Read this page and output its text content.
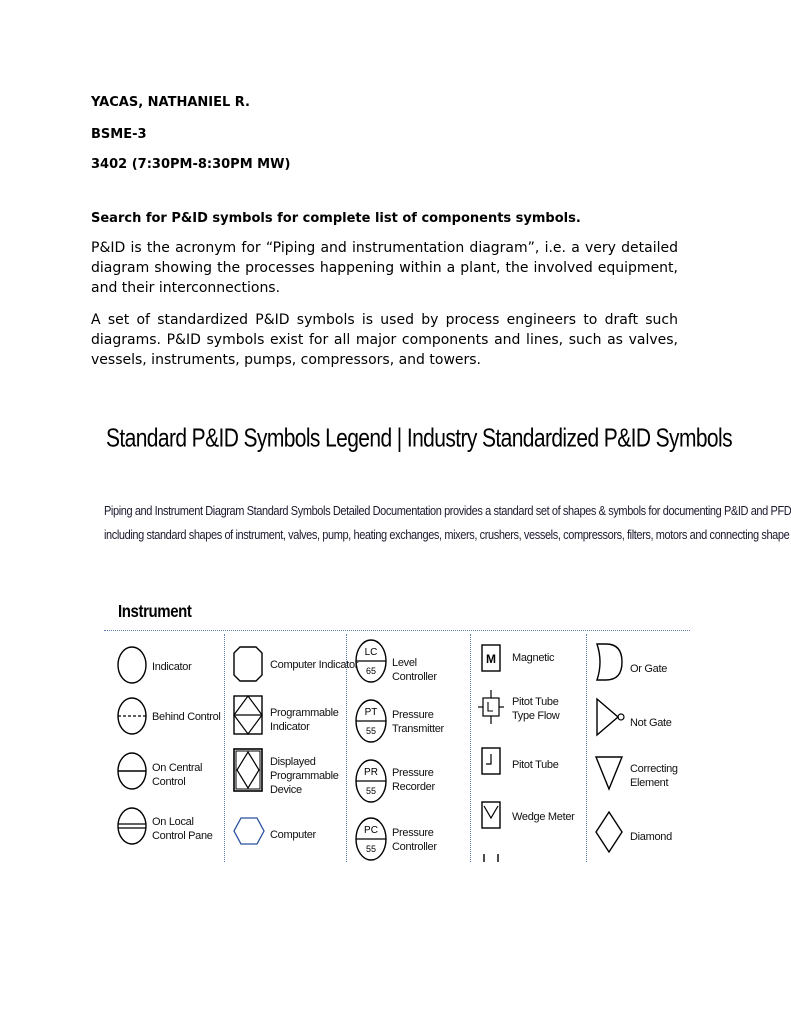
YACAS, NATHANIEL R.
BSME-3
3402 (7:30PM-8:30PM MW)
Search for P&ID symbols for complete list of components symbols.
P&ID is the acronym for “Piping and instrumentation diagram”, i.e. a very detailed diagram showing the processes happening within a plant, the involved equipment, and their interconnections.
A set of standardized P&ID symbols is used by process engineers to draft such diagrams. P&ID symbols exist for all major components and lines, such as valves, vessels, instruments, pumps, compressors, and towers.
Standard P&ID Symbols Legend | Industry Standardized P&ID Symbols
Piping and Instrument Diagram Standard Symbols Detailed Documentation provides a standard set of shapes & symbols for documenting P&ID and PFD
including standard shapes of instrument, valves, pump, heating exchanges, mixers, crushers, vessels, compressors, filters, motors and connecting shape
Instrument
Indicator
Behind Control
On Central Control
On Local Control Pane
Computer Indicator
Programmable Indicator
Displayed Programmable Device
Computer
LC
65
Level Controller
PT
55
Pressure Transmitter
PR
55
Pressure Recorder
PC
55
Pressure Controller
M Magnetic
Pitot Tube Type Flow
Pitot Tube
Wedge Meter
Or Gate
Not Gate
Correcting Element
Diamond
